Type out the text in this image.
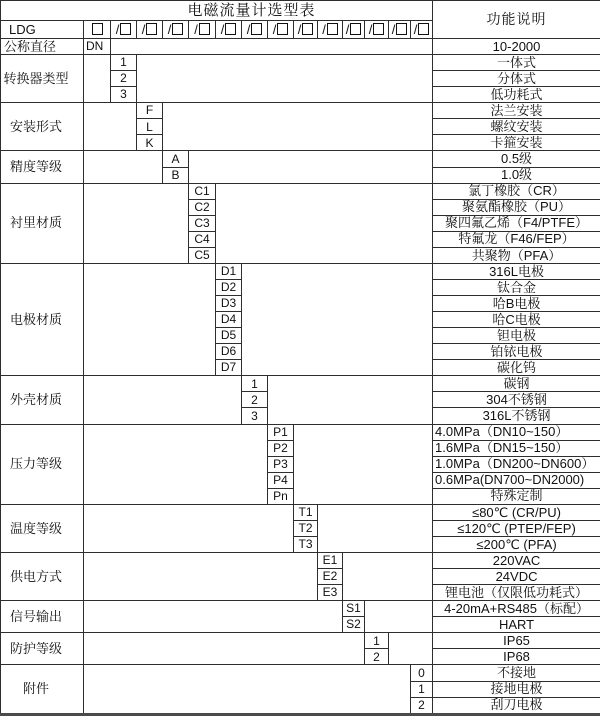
电磁流量计选型表															功能说明
LDG		/	/	/	/	/	/	/	/	/	/	/	/	/	
公称直径	DN														10-2000
转换器类型		1													一体式
		2													分体式
		3													低功耗式
安装形式			F												法兰安装
			L												螺纹安装
			K												卡箍安装
精度等级				A											0.5级
				B											1.0级
衬里材质					C1										氯丁橡胶（CR）
					C2										聚氨酯橡胶（PU）
					C3										聚四氟乙烯（F4/PTFE）
					C4										特氟龙（F46/FEP）
					C5										共聚物（PFA）
电极材质						D1									316L电极
						D2									钛合金
						D3									哈B电极
						D4									哈C电极
						D5									钽电极
						D6									铂铱电极
						D7									碳化钨
外壳材质							1								碳钢
							2								304不锈钢
							3								316L不锈钢
压力等级								P1							4.0MPa（DN10~150）
								P2							1.6MPa（DN15~150）
								P3							1.0MPa（DN200~DN600）
								P4							0.6MPa(DN700~DN2000)
								Pn							特殊定制
温度等级									T1						≤80℃ (CR/PU)
									T2						≤120℃ (PTEP/FEP)
									T3						≤200℃ (PFA)
供电方式										E1					220VAC
										E2					24VDC
										E3					锂电池（仅限低功耗式）
信号输出											S1				4-20mA+RS485（标配）
											S2				HART
防护等级												1			IP65
												2			IP68
附件														0	不接地
														1	接地电极
														2	刮刀电极
